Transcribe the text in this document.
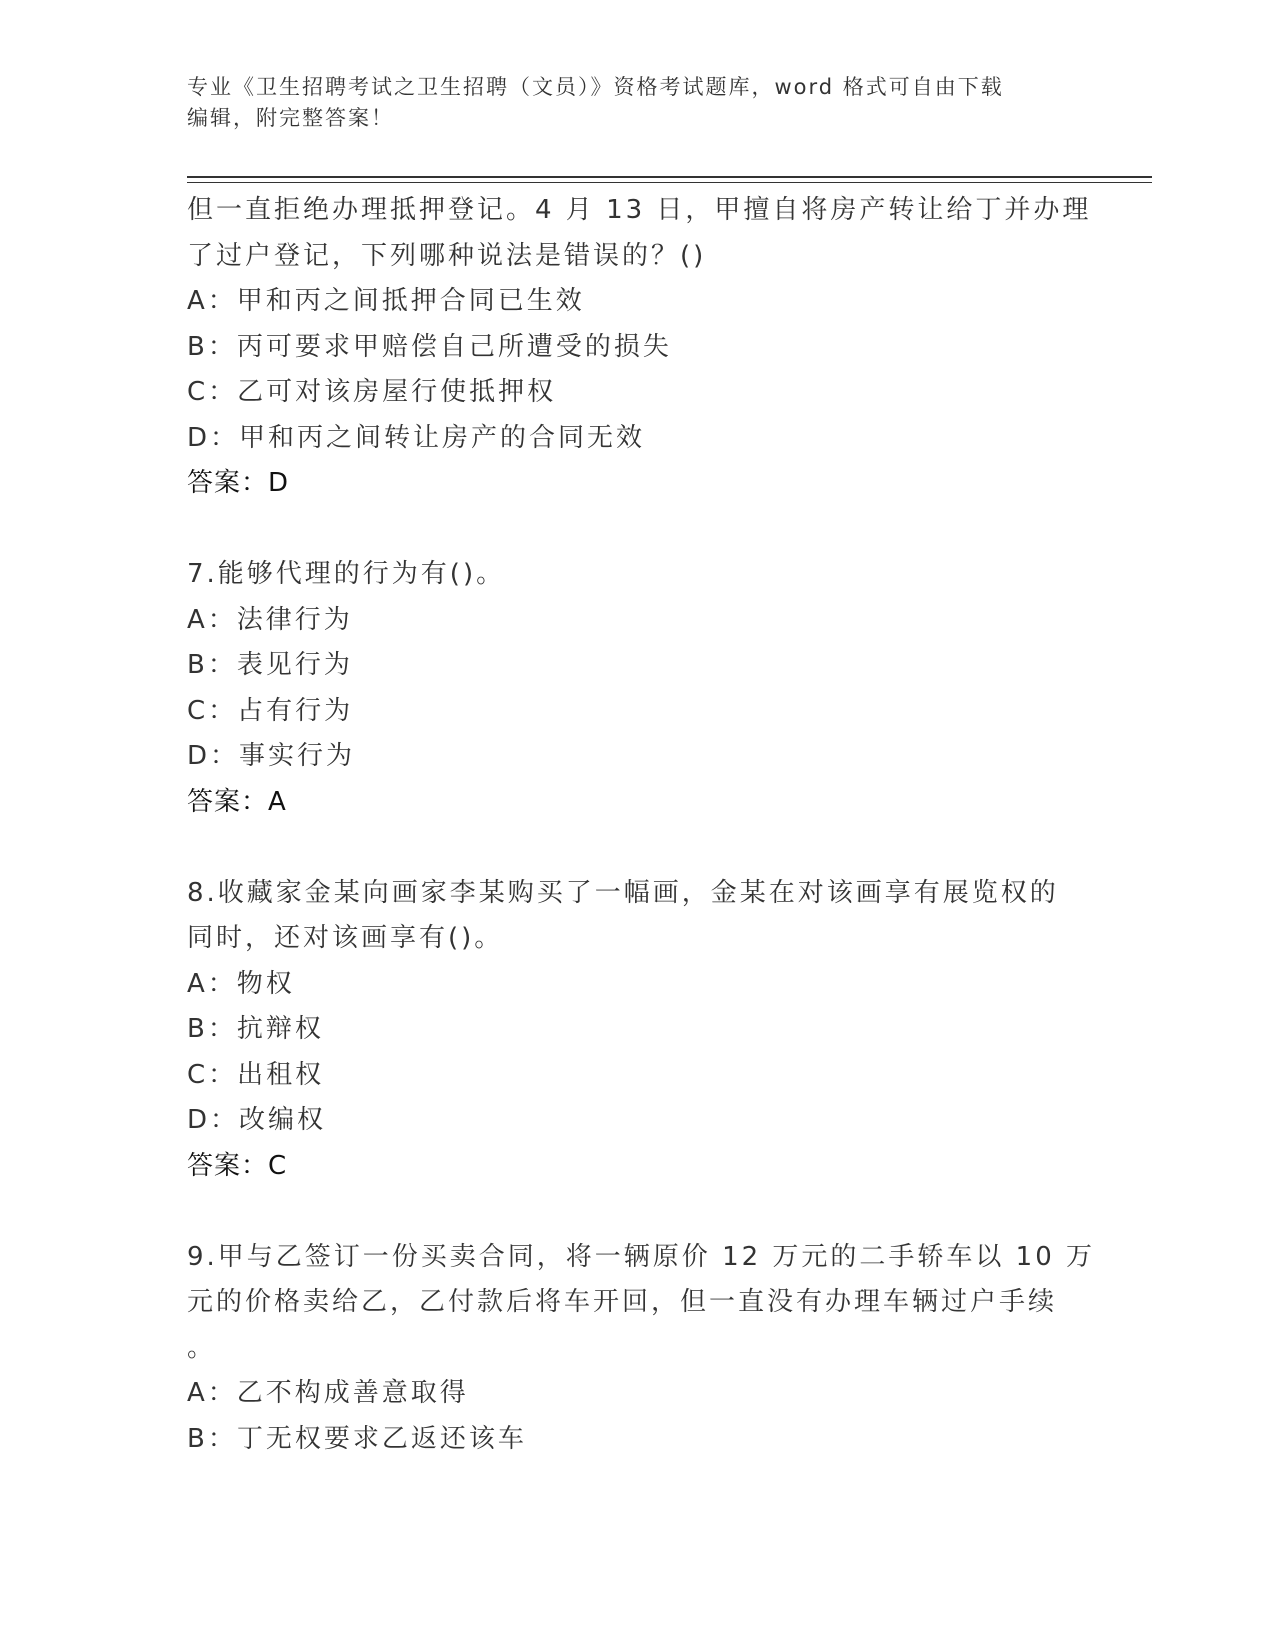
专业《卫生招聘考试之卫生招聘（文员）》资格考试题库，word 格式可自由下载
编辑，附完整答案！
但一直拒绝办理抵押登记。4 月 13 日，甲擅自将房产转让给丁并办理
了过户登记，下列哪种说法是错误的？()
A：甲和丙之间抵押合同已生效
B：丙可要求甲赔偿自己所遭受的损失
C：乙可对该房屋行使抵押权
D：甲和丙之间转让房产的合同无效
答案：D
7.能够代理的行为有()。
A：法律行为
B：表见行为
C：占有行为
D：事实行为
答案：A
8.收藏家金某向画家李某购买了一幅画，金某在对该画享有展览权的
同时，还对该画享有()。
A：物权
B：抗辩权
C：出租权
D：改编权
答案：C
9.甲与乙签订一份买卖合同，将一辆原价 12 万元的二手轿车以 10 万
元的价格卖给乙，乙付款后将车开回，但一直没有办理车辆过户手续
。
A：乙不构成善意取得
B：丁无权要求乙返还该车
